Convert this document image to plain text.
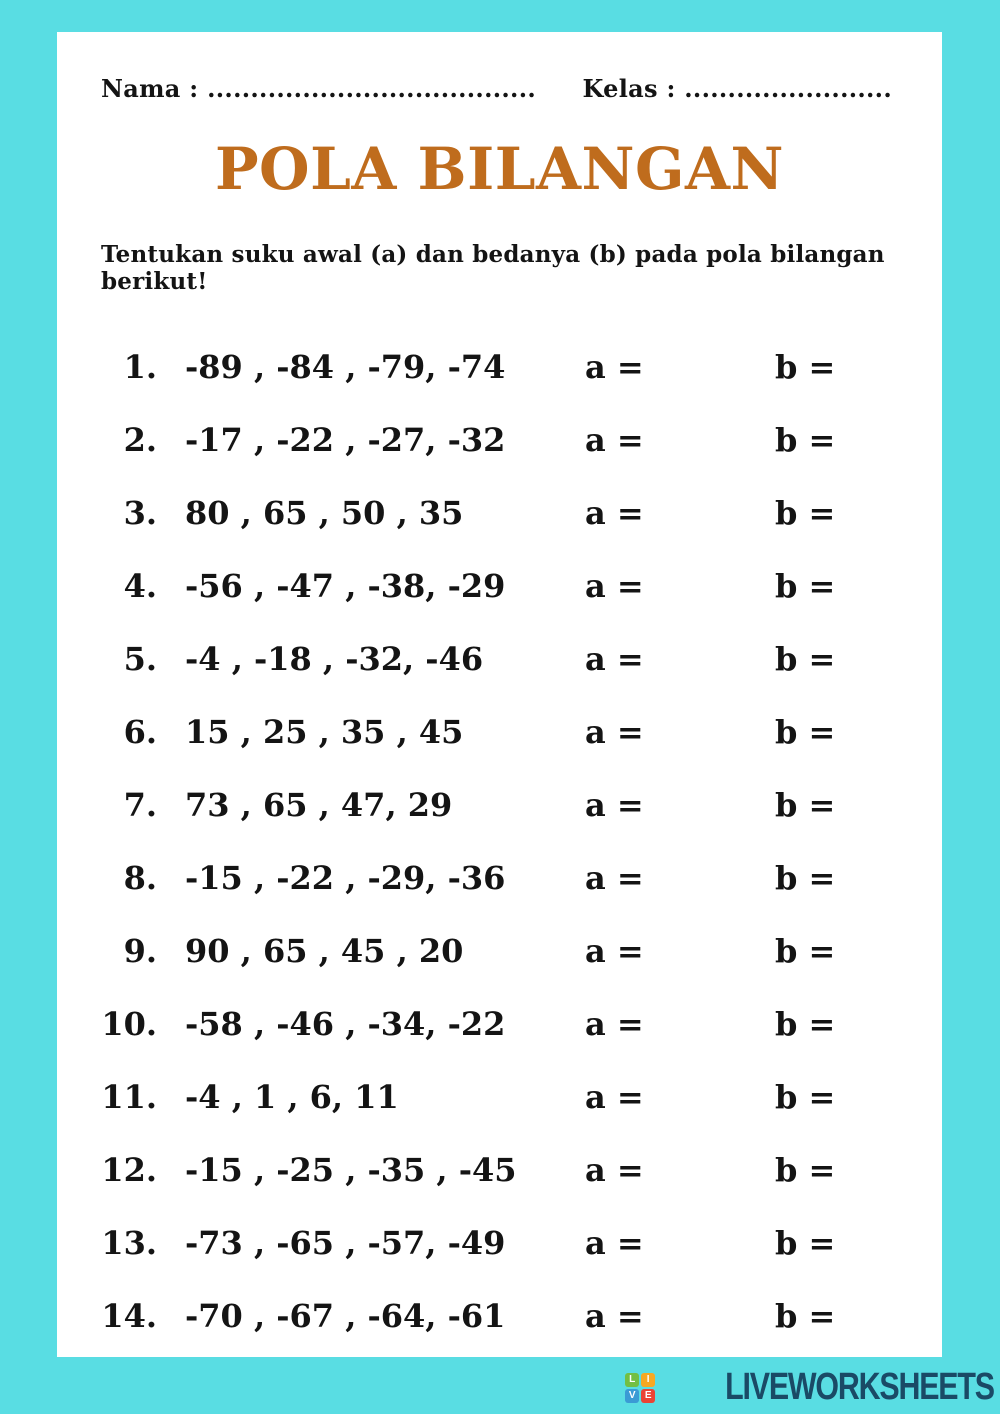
Nama : ...................................... Kelas : ........................
POLA BILANGAN

Tentukan suku awal (a) dan bedanya (b) pada pola bilangan berikut!

1. -89 , -84 , -79, -74 a =	b =
2. -17 , -22 , -27, -32 a =	b =
3. 80 , 65 , 50 , 35	a =	b =
4. -56 , -47 , -38, -29 a =	b =
5. -4 , -18 , -32, -46	a =	b =
6. 15 , 25 , 35 , 45	a =	b =
7. 73 , 65 , 47, 29	a =	b =
8. -15 , -22 , -29, -36 a =	b =
9. 90 , 65 , 45 , 20	a =	b =
10. -58 , -46 , -34, -22 a =	b =
11. -4 , 1 , 6, 11	a =	b =
12. -15 , -25 , -35 , -45 a =	b =
13. -73 , -65 , -57, -49 a =	b =
14. -70 , -67 , -64, -61 a =	b =
L	I
V E LIVEWORKSHEETS
